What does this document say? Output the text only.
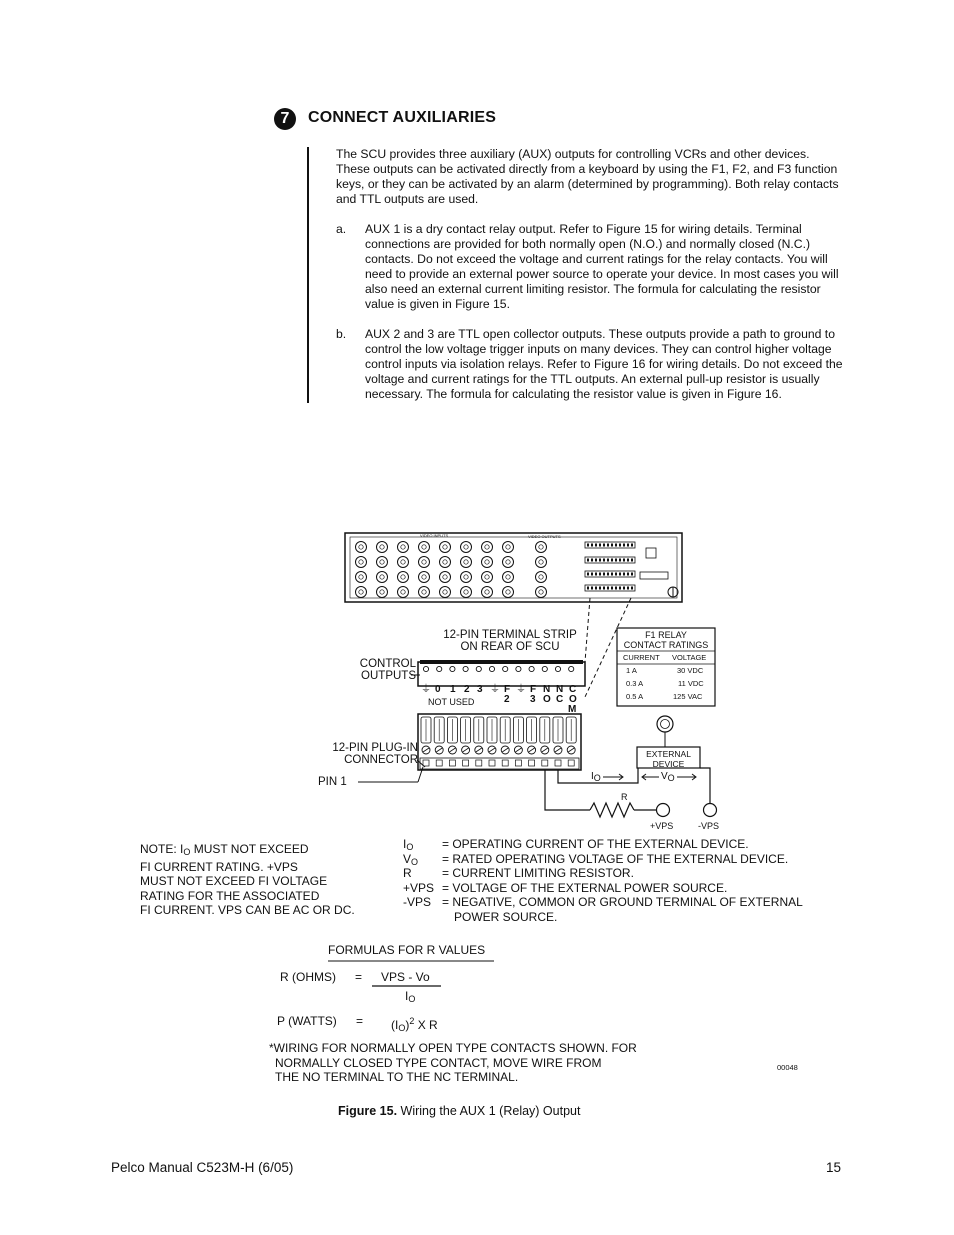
7	CONNECT AUXILIARIES
The SCU provides three auxiliary (AUX) outputs for controlling VCRs and other devices. These outputs can be activated directly from a keyboard by using the F1, F2, and F3 function keys, or they can be activated by an alarm (determined by programming). Both relay contacts and TTL outputs are used.
a. AUX 1 is a dry contact relay output. Refer to Figure 15 for wiring details. Terminal connections are provided for both normally open (N.O.) and normally closed (N.C.) contacts. Do not exceed the voltage and current ratings for the relay contacts. You will need to provide an external power source to operate your device. In most cases you will also need an external current limiting resistor. The formula for calculating the resistor value is given in Figure 15.
b. AUX 2 and 3 are TTL open collector outputs. These outputs provide a path to ground to control the low voltage trigger inputs on many devices. They can control higher voltage control inputs via isolation relays. Refer to Figure 16 for wiring details. Do not exceed the voltage and current ratings for the TTL outputs. An external pull-up resistor is usually necessary. The formula for calculating the resistor value is given in Figure 16.
VIDEO INPUTS	VIDEO OUTPUTS
12-PIN TERMINAL STRIP
ON REAR OF SCU
CONTROL
OUTPUTS
12-PIN PLUG-IN
CONNECTOR
PIN 1
⏚ 0 1 2 3 ⏚ F
2
⏚ F
3
N
O
N
C
C
O
M
NOT USED
F1 RELAY
CONTACT RATINGS
CURRENT VOLTAGE
1 A	30 VDC
0.3 A	11 VDC
0.5 A	125 VAC
EXTERNAL
DEVICE
$I_O$	$V_O$
R
+VPS	-VPS
NOTE: $I_O$ MUST NOT EXCEED
FI CURRENT RATING. +VPS
MUST NOT EXCEED FI VOLTAGE
RATING FOR THE ASSOCIATED
FI CURRENT. VPS CAN BE AC OR DC.
$I_O$ = OPERATING CURRENT OF THE EXTERNAL DEVICE.
$V_O$ = RATED OPERATING VOLTAGE OF THE EXTERNAL DEVICE.
R	= CURRENT LIMITING RESISTOR.
+VPS = VOLTAGE OF THE EXTERNAL POWER SOURCE.
-VPS = NEGATIVE, COMMON OR GROUND TERMINAL OF EXTERNAL
POWER SOURCE.
FORMULAS FOR R VALUES
R (OHMS) = VPS - Vo
$I_O$
P (WATTS) = $(I_O)^2$ X R
*WIRING FOR NORMALLY OPEN TYPE CONTACTS SHOWN. FOR
NORMALLY CLOSED TYPE CONTACT, MOVE WIRE FROM
THE NO TERMINAL TO THE NC TERMINAL.
00048
Figure 15. Wiring the AUX 1 (Relay) Output
Pelco Manual C523M-H (6/05)	15
